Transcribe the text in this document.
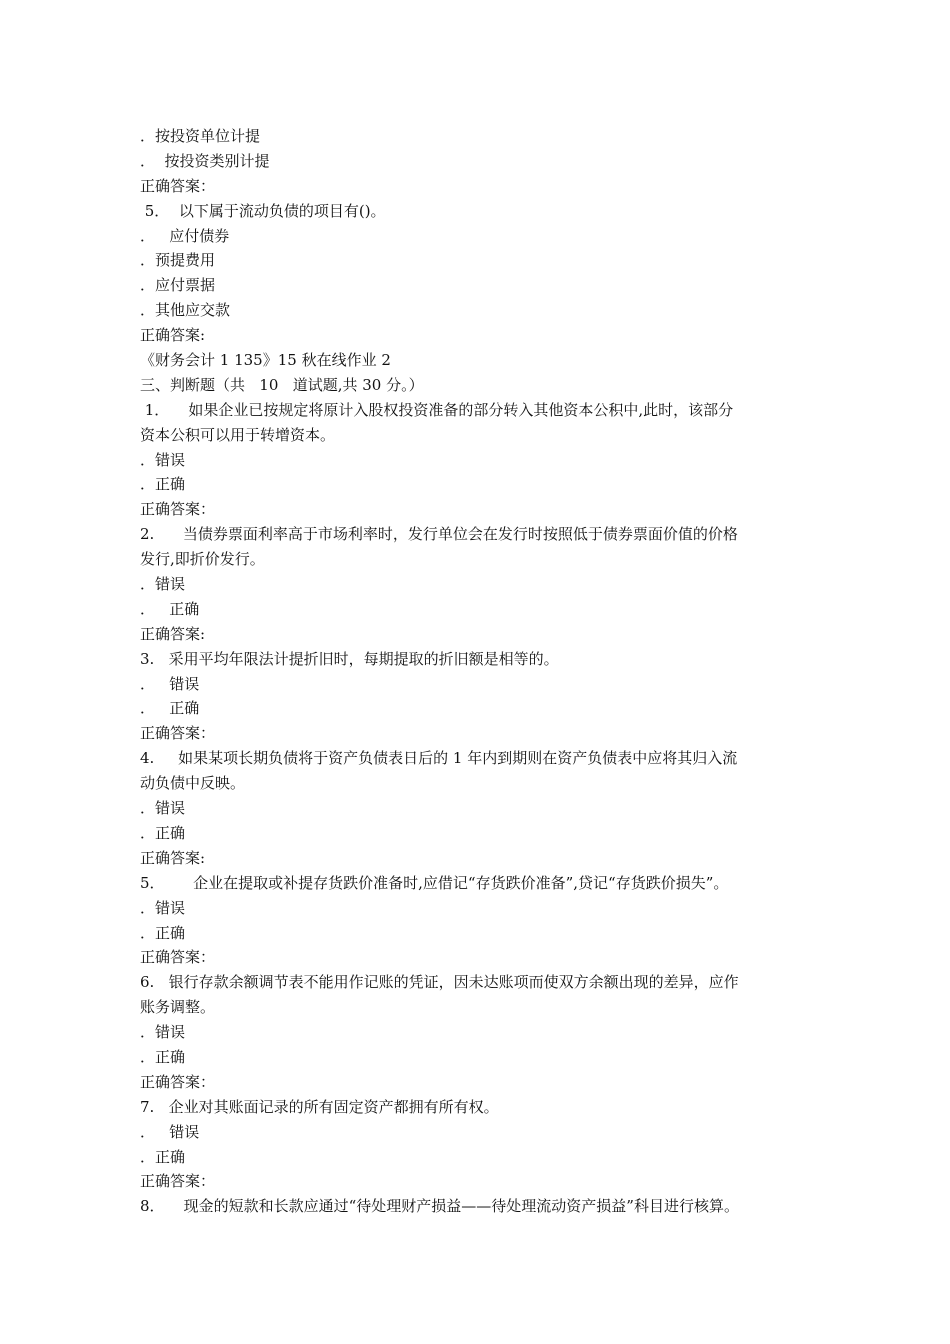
．按投资单位计提
．  按投资类别计提
正确答案：
5．  以下属于流动负债的项目有()。
．   应付债券
．预提费用
．应付票据
．其他应交款
正确答案:
《财务会计 1 135》15 秋在线作业 2
三、判断题（共   10   道试题,共 30 分。）
1．    如果企业已按规定将原计入股权投资准备的部分转入其他资本公积中,此时，该部分
资本公积可以用于转增资本。
．错误
．正确
正确答案：
2.      当债券票面利率高于市场利率时，发行单位会在发行时按照低于债券票面价值的价格
发行,即折价发行。
．错误
．   正确
正确答案:
3.   采用平均年限法计提折旧时，每期提取的折旧额是相等的。
．   错误
．   正确
正确答案：
4.     如果某项长期负债将于资产负债表日后的 1 年内到期则在资产负债表中应将其归入流
动负债中反映。
．错误
．正确
正确答案:
5．      企业在提取或补提存货跌价准备时,应借记“存货跌价准备”,贷记“存货跌价损失”。
．错误
．正确
正确答案：
6.   银行存款余额调节表不能用作记账的凭证，因未达账项而使双方余额出现的差异，应作
账务调整。
．错误
．正确
正确答案：
7.   企业对其账面记录的所有固定资产都拥有所有权。
．   错误
．正确
正确答案：
8．    现金的短款和长款应通过“待处理财产损益——待处理流动资产损益”科目进行核算。
